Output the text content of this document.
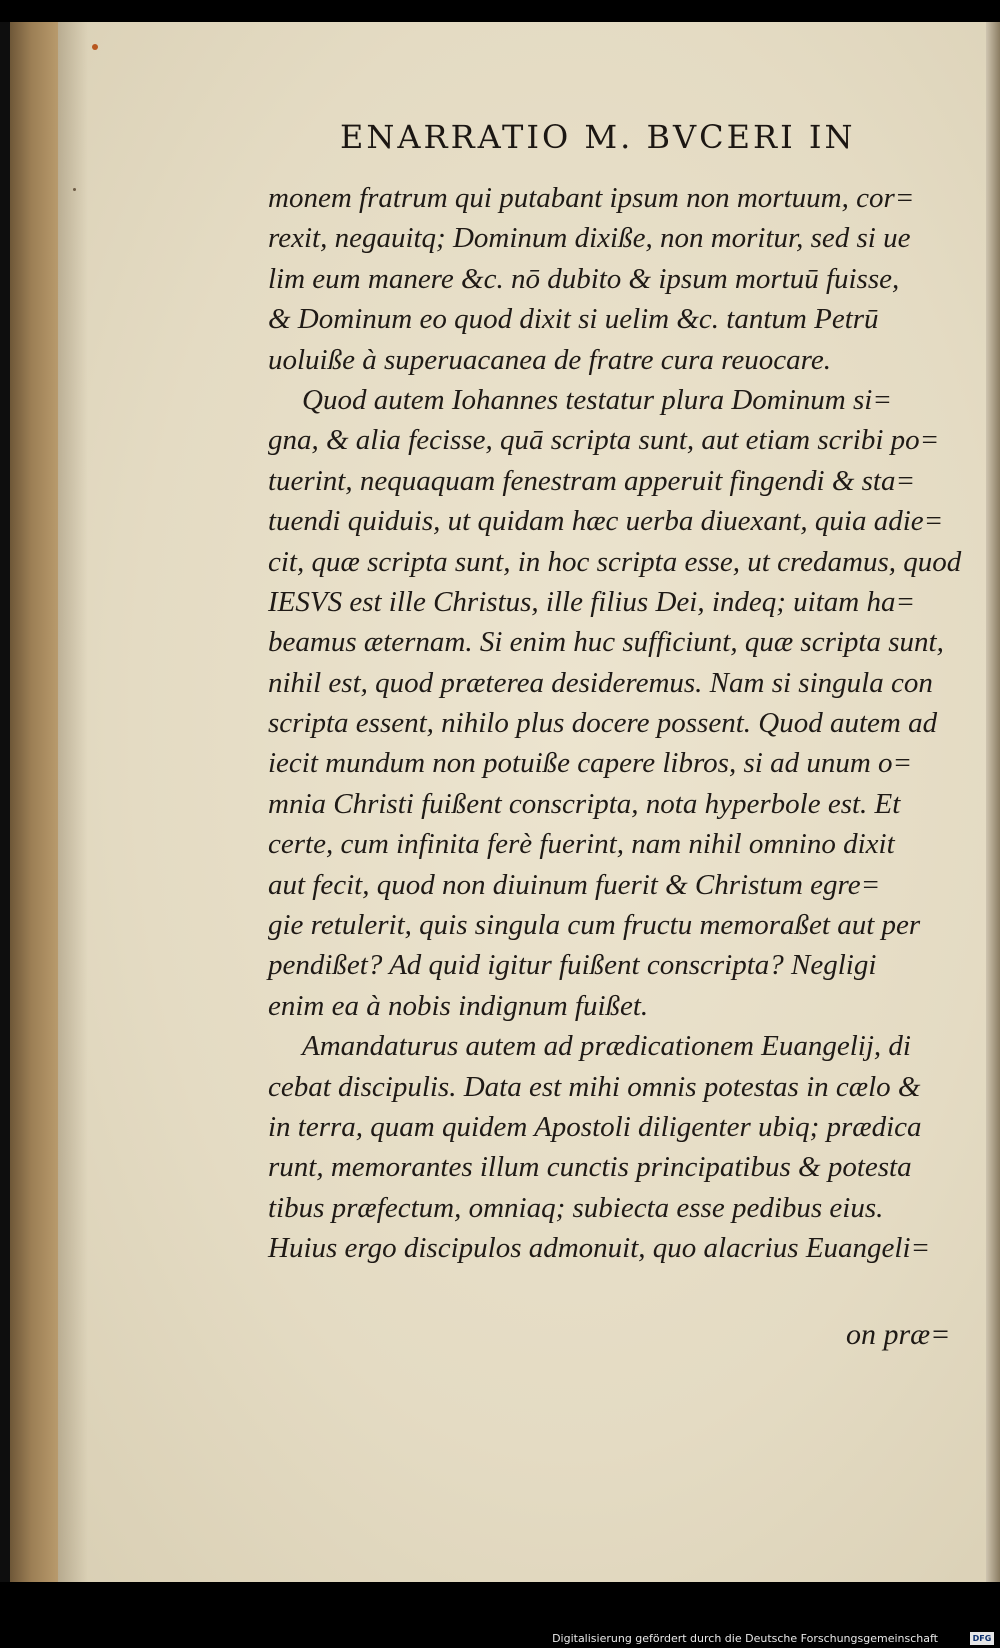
ENARRATIO M. BVCERI IN
monem fratrum qui putabant ipsum non mortuum, cor=
rexit, negauitq; Dominum dixiße, non moritur, sed si ue
lim eum manere &c. nō dubito & ipsum mortuū fuisse,
& Dominum eo quod dixit si uelim &c. tantum Petrū
uoluiße à superuacanea de fratre cura reuocare.
Quod autem Iohannes testatur plura Dominum si=
gna, & alia fecisse, quā scripta sunt, aut etiam scribi po=
tuerint, nequaquam fenestram apperuit fingendi & sta=
tuendi quiduis, ut quidam hæc uerba diuexant, quia adie=
cit, quæ scripta sunt, in hoc scripta esse, ut credamus, quod
IESVS est ille Christus, ille filius Dei, indeq; uitam ha=
beamus æternam. Si enim huc sufficiunt, quæ scripta sunt,
nihil est, quod præterea desideremus. Nam si singula con
scripta essent, nihilo plus docere possent. Quod autem ad
iecit mundum non potuiße capere libros, si ad unum o=
mnia Christi fuißent conscripta, nota hyperbole est. Et
certe, cum infinita ferè fuerint, nam nihil omnino dixit
aut fecit, quod non diuinum fuerit & Christum egre=
gie retulerit, quis singula cum fructu memoraßet aut per
pendißet? Ad quid igitur fuißent conscripta? Negligi
enim ea à nobis indignum fuißet.
Amandaturus autem ad prædicationem Euangelij, di
cebat discipulis. Data est mihi omnis potestas in cælo &
in terra, quam quidem Apostoli diligenter ubiq; prædica
runt, memorantes illum cunctis principatibus & potesta
tibus præfectum, omniaq; subiecta esse pedibus eius.
Huius ergo discipulos admonuit, quo alacrius Euangeli=
on præ=
Digitalisierung gefördert durch die Deutsche Forschungsgemeinschaft	DFG
